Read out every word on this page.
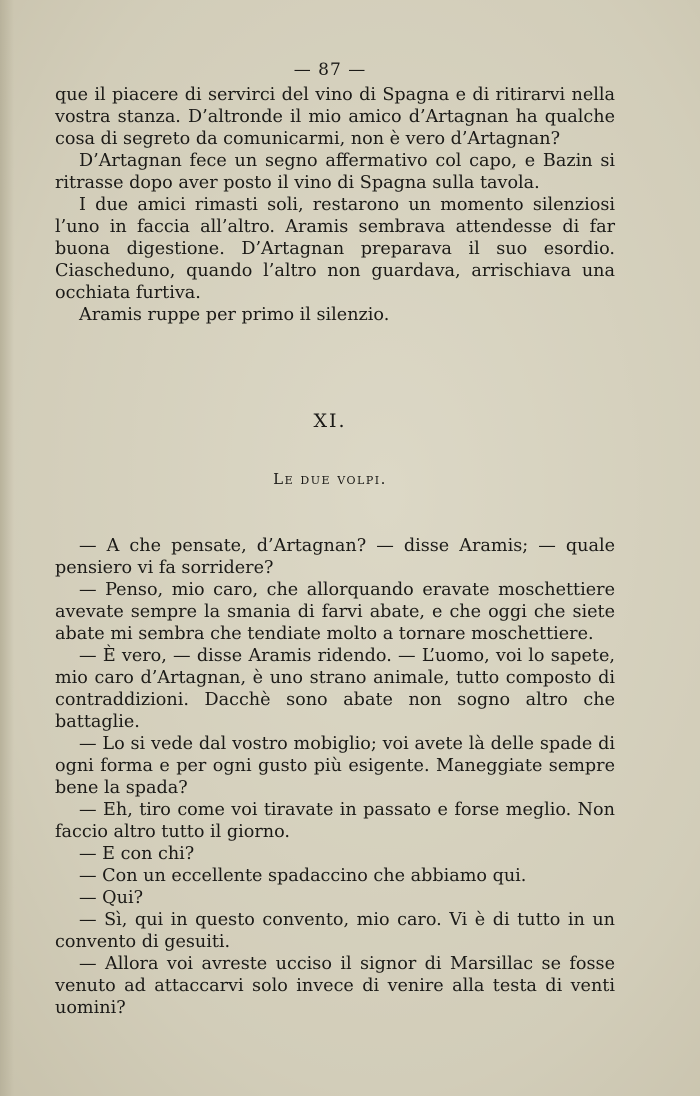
— 87 —

que il piacere di servirci del vino di Spagna e di ritirarvi nella vostra stanza. D’altronde il mio amico d’Artagnan ha qualche cosa di segreto da comunicarmi, non è vero d’Artagnan?

D’Artagnan fece un segno affermativo col capo, e Bazin si ritrasse dopo aver posto il vino di Spagna sulla tavola.

I due amici rimasti soli, restarono un momento silenziosi l’uno in faccia all’altro. Aramis sembrava attendesse di far buona digestione. D’Artagnan preparava il suo esordio. Ciascheduno, quando l’altro non guardava, arrischiava una occhiata furtiva.

Aramis ruppe per primo il silenzio.

XI.
Le due volpi.

— A che pensate, d’Artagnan? — disse Aramis; — quale pensiero vi fa sorridere?

— Penso, mio caro, che allorquando eravate moschettiere avevate sempre la smania di farvi abate, e che oggi che siete abate mi sembra che tendiate molto a tornare moschettiere.

— È vero, — disse Aramis ridendo. — L’uomo, voi lo sapete, mio caro d’Artagnan, è uno strano animale, tutto composto di contraddizioni. Dacchè sono abate non sogno altro che battaglie.

— Lo si vede dal vostro mobiglio; voi avete là delle spade di ogni forma e per ogni gusto più esigente. Maneggiate sempre bene la spada?

— Eh, tiro come voi tiravate in passato e forse meglio. Non faccio altro tutto il giorno.

— E con chi?

— Con un eccellente spadaccino che abbiamo qui.

— Qui?

— Sì, qui in questo convento, mio caro. Vi è di tutto in un convento di gesuiti.

— Allora voi avreste ucciso il signor di Marsillac se fosse venuto ad attaccarvi solo invece di venire alla testa di venti uomini?
